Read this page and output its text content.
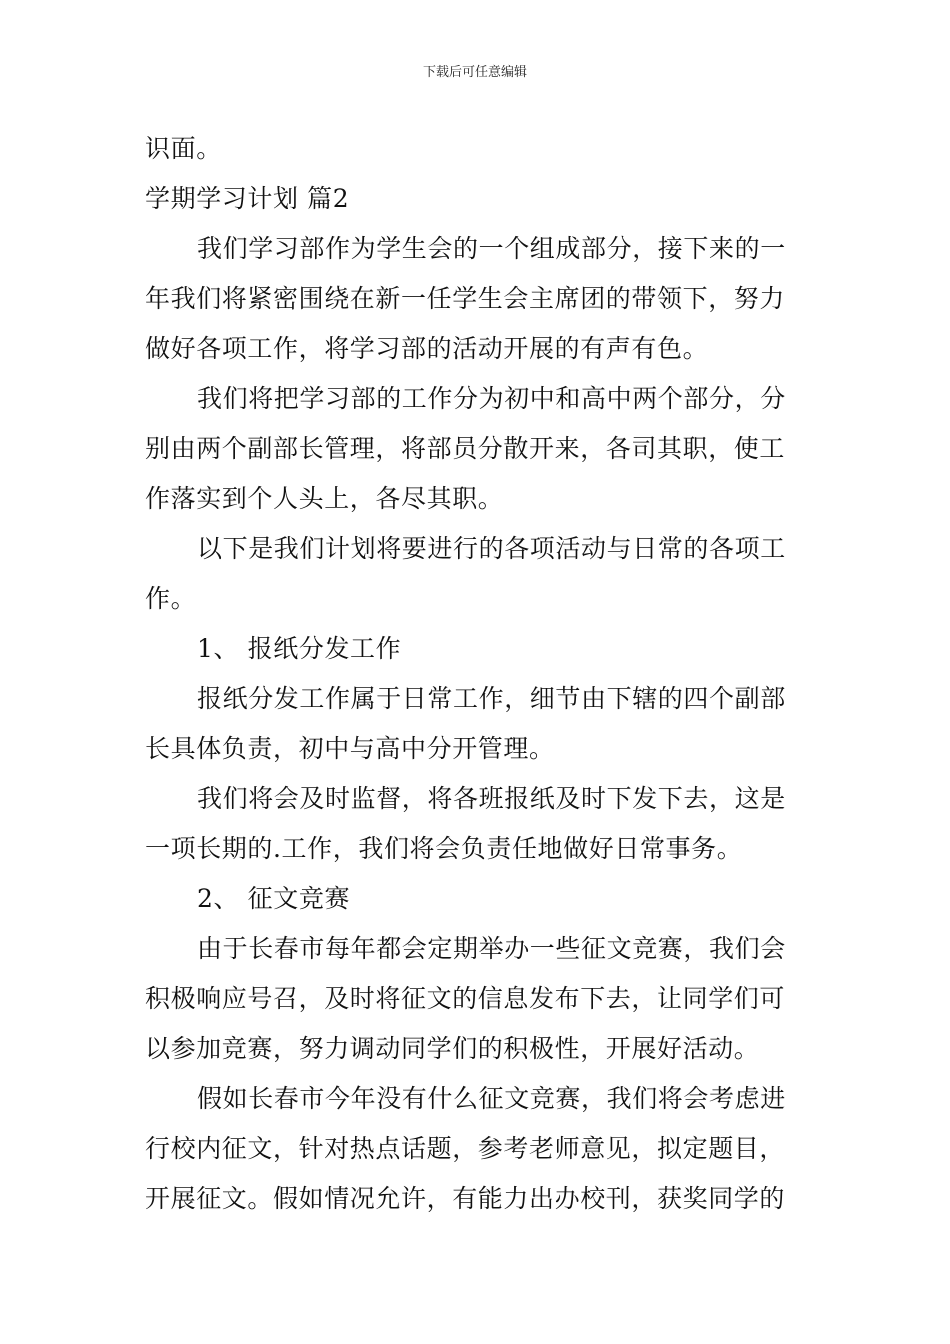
下载后可任意编辑
识面。
学期学习计划 篇2
我们学习部作为学生会的一个组成部分，接下来的一
年我们将紧密围绕在新一任学生会主席团的带领下，努力
做好各项工作，将学习部的活动开展的有声有色。
我们将把学习部的工作分为初中和高中两个部分，分
别由两个副部长管理，将部员分散开来，各司其职，使工
作落实到个人头上，各尽其职。
以下是我们计划将要进行的各项活动与日常的各项工
作。
1、 报纸分发工作
报纸分发工作属于日常工作，细节由下辖的四个副部
长具体负责，初中与高中分开管理。
我们将会及时监督，将各班报纸及时下发下去，这是
一项长期的.工作，我们将会负责任地做好日常事务。
2、 征文竞赛
由于长春市每年都会定期举办一些征文竞赛，我们会
积极响应号召，及时将征文的信息发布下去，让同学们可
以参加竞赛，努力调动同学们的积极性，开展好活动。
假如长春市今年没有什么征文竞赛，我们将会考虑进
行校内征文，针对热点话题，参考老师意见，拟定题目，
开展征文。假如情况允许，有能力出办校刊，获奖同学的
